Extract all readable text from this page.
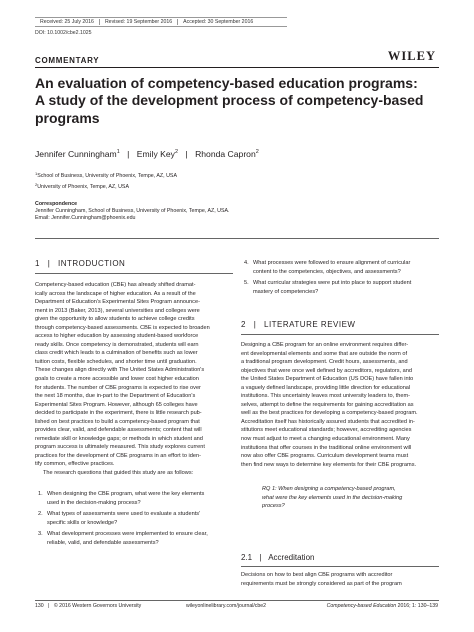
Received: 25 July 2016	Revised: 19 September 2016	Accepted: 30 September 2016
DOI: 10.1002/cbe2.1025
COMMENTARY	WILEY
An evaluation of competency-based education programs:
A study of the development process of competency-based
programs
Jennifer Cunningham$^1$ | Emily Key$^2$ | Rhonda Capron$^2$
$^1$School of Business, University of Phoenix, Tempe, AZ, USA
$^2$University of Phoenix, Tempe, AZ, USA
Correspondence
Jennifer Cunningham, School of Business, University of Phoenix, Tempe, AZ, USA.
Email: Jennifer.Cunningham@phoenix.edu
1 | INTRODUCTION
Competency-based education (CBE) has already shifted dramat-
ically across the landscape of higher education. As a result of the
Department of Education's Experimental Sites Program announce-
ment in 2013 (Baker, 2013), several universities and colleges were
given the opportunity to allow students to achieve college credits
through competency-based assessments. CBE is expected to broaden
access to higher education by assessing student-based workforce
ready skills. Once competency is demonstrated, students will earn
class credit which leads to a culmination of benefits such as lower
tuition costs, flexible schedules, and shorter time until graduation.
These changes align directly with The United States Administration's
goals to create a more accessible and lower cost higher education
for students. The number of CBE programs is expected to rise over
the next 18 months, due in-part to the Department of Education's
Experimental Sites Program. However, although 65 colleges have
decided to participate in the experiment, there is little research pub-
lished on best practices to build a competency-based program that
provides clear, valid, and defendable assessments; content that will
remediate skill or knowledge gaps; or methods in which student and
program success is ultimately measured. This study explores current
practices for the development of CBE programs in an effort to iden-
tify common, effective practices.
The research questions that guided this study are as follows:
1. When designing the CBE program, what were the key elements
used in the decision-making process?
2. What types of assessments were used to evaluate a students'
specific skills or knowledge?
3. What development processes were implemented to ensure clear,
reliable, valid, and defendable assessments?
4. What processes were followed to ensure alignment of curricular
content to the competencies, objectives, and assessments?
5. What curricular strategies were put into place to support student
mastery of competencies?
2 | LITERATURE REVIEW
Designing a CBE program for an online environment requires differ-
ent developmental elements and some that are outside the norm of
a traditional program development. Credit hours, assessments, and
objectives that were once well defined by accreditors, regulators, and
the United States Department of Education (US DOE) have fallen into
a vaguely defined landscape, providing little direction for educational
institutions. This uncertainty leaves most university leaders to, them-
selves, attempt to define the requirements for gaining accreditation as
well as the best practices for developing a competency-based program.
Accreditation itself has historically assured students that accredited in-
stitutions meet educational standards; however, accrediting agencies
now must adjust to meet a changing educational environment. Many
institutions that offer courses in the traditional online environment will
now also offer CBE programs. Curriculum development teams must
then find new ways to determine key elements for their CBE programs.
RQ 1: When designing a competency-based program,
what were the key elements used in the decision-making
process?
2.1 | Accreditation
Decisions on how to best align CBE programs with accreditor
requirements must be strongly considered as part of the program
130 | © 2016 Western Governors University	wileyonlinelibrary.com/journal/cbe2	Competency-based Education 2016; 1: 130–139
